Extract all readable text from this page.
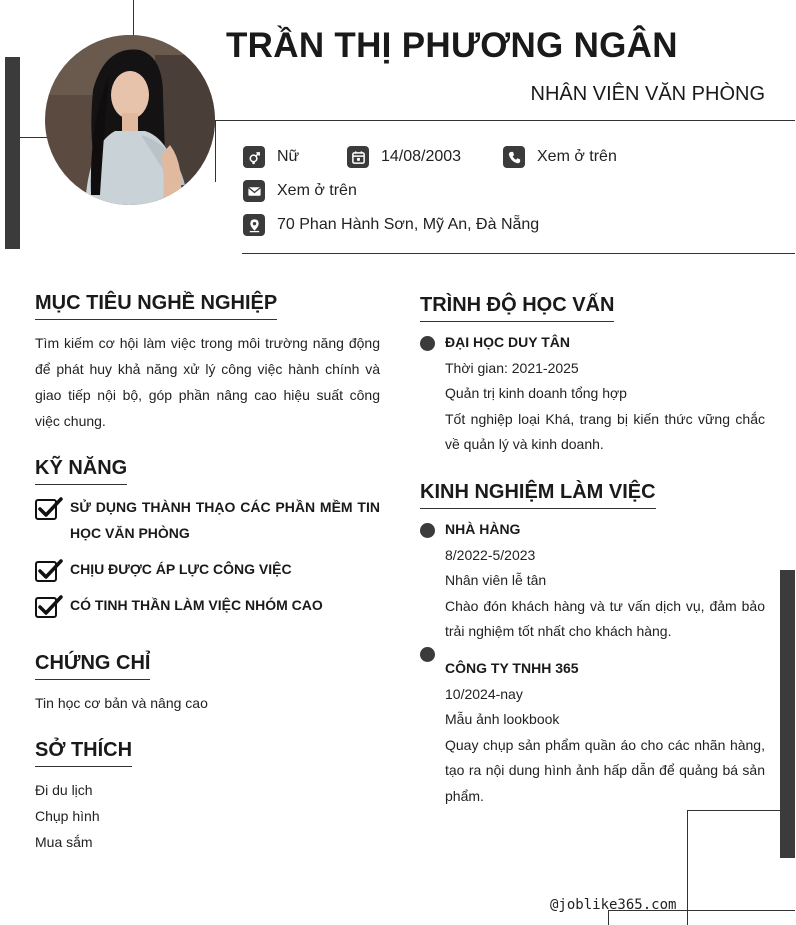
TRẦN THỊ PHƯƠNG NGÂN
NHÂN VIÊN VĂN PHÒNG
Nữ	14/08/2003	Xem ở trên
Xem ở trên
70 Phan Hành Sơn, Mỹ An, Đà Nẵng
MỤC TIÊU NGHỀ NGHIỆP
Tìm kiếm cơ hội làm việc trong môi trường năng động để phát huy khả năng xử lý công việc hành chính và giao tiếp nội bộ, góp phần nâng cao hiệu suất công việc chung.
KỸ NĂNG
SỬ DỤNG THÀNH THẠO CÁC PHẦN MỀM TIN HỌC VĂN PHÒNG
CHỊU ĐƯỢC ÁP LỰC CÔNG VIỆC
CÓ TINH THẦN LÀM VIỆC NHÓM CAO
CHỨNG CHỈ
Tin học cơ bản và nâng cao
SỞ THÍCH
Đi du lịch
Chụp hình
Mua sắm
TRÌNH ĐỘ HỌC VẤN
ĐẠI HỌC DUY TÂN
Thời gian: 2021-2025
Quản trị kinh doanh tổng hợp
Tốt nghiệp loại Khá, trang bị kiến thức vững chắc về quản lý và kinh doanh.
KINH NGHIỆM LÀM VIỆC
NHÀ HÀNG
8/2022-5/2023
Nhân viên lễ tân
Chào đón khách hàng và tư vấn dịch vụ, đảm bảo trải nghiệm tốt nhất cho khách hàng.
CÔNG TY TNHH 365
10/2024-nay
Mẫu ảnh lookbook
Quay chụp sản phẩm quần áo cho các nhãn hàng, tạo ra nội dung hình ảnh hấp dẫn để quảng bá sản phẩm.
@joblike365.com
